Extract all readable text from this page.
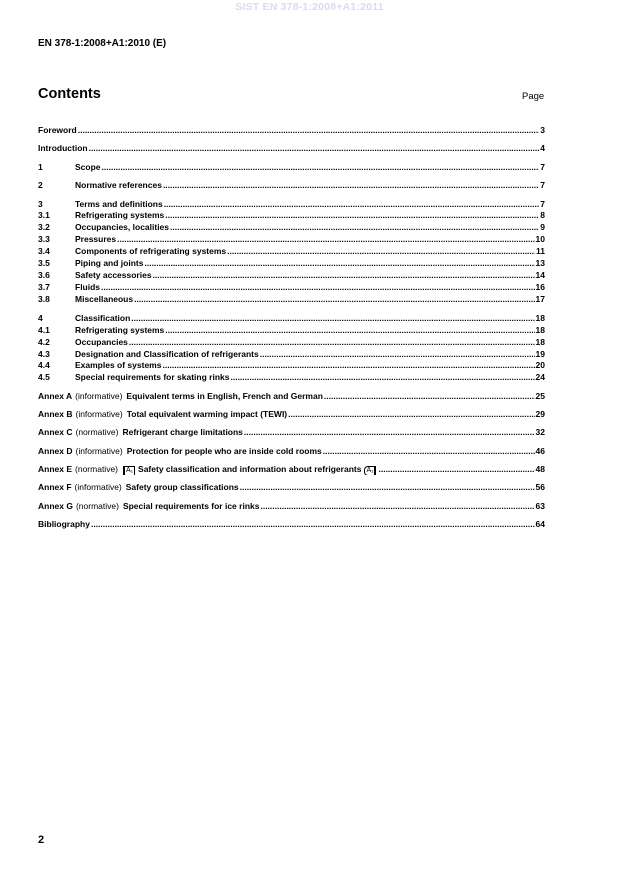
SIST EN 378-1:2008+A1:2011
EN 378-1:2008+A1:2010 (E)
Contents	Page
Foreword .....	3
Introduction .....	4
1	Scope .....	7
2	Normative references .....	7
3	Terms and definitions .....	7
3.1	Refrigerating systems .....	8
3.2	Occupancies, localities .....	9
3.3	Pressures .....	10
3.4	Components of refrigerating systems .....	11
3.5	Piping and joints .....	13
3.6	Safety accessories .....	14
3.7	Fluids .....	16
3.8	Miscellaneous .....	17
4	Classification .....	18
4.1	Refrigerating systems .....	18
4.2	Occupancies .....	18
4.3	Designation and Classification of refrigerants .....	19
4.4	Examples of systems .....	20
4.5	Special requirements for skating rinks .....	24
Annex A (informative) Equivalent terms in English, French and German .....	25
Annex B (informative) Total equivalent warming impact (TEWI) .....	29
Annex C (normative) Refrigerant charge limitations .....	32
Annex D (informative) Protection for people who are inside cold rooms .....	46
Annex E (normative)	A₁ Safety classification and information about refrigerants A₁ .....	48
Annex F (informative) Safety group classifications .....	56
Annex G (normative) Special requirements for ice rinks .....	63
Bibliography .....	64
2
